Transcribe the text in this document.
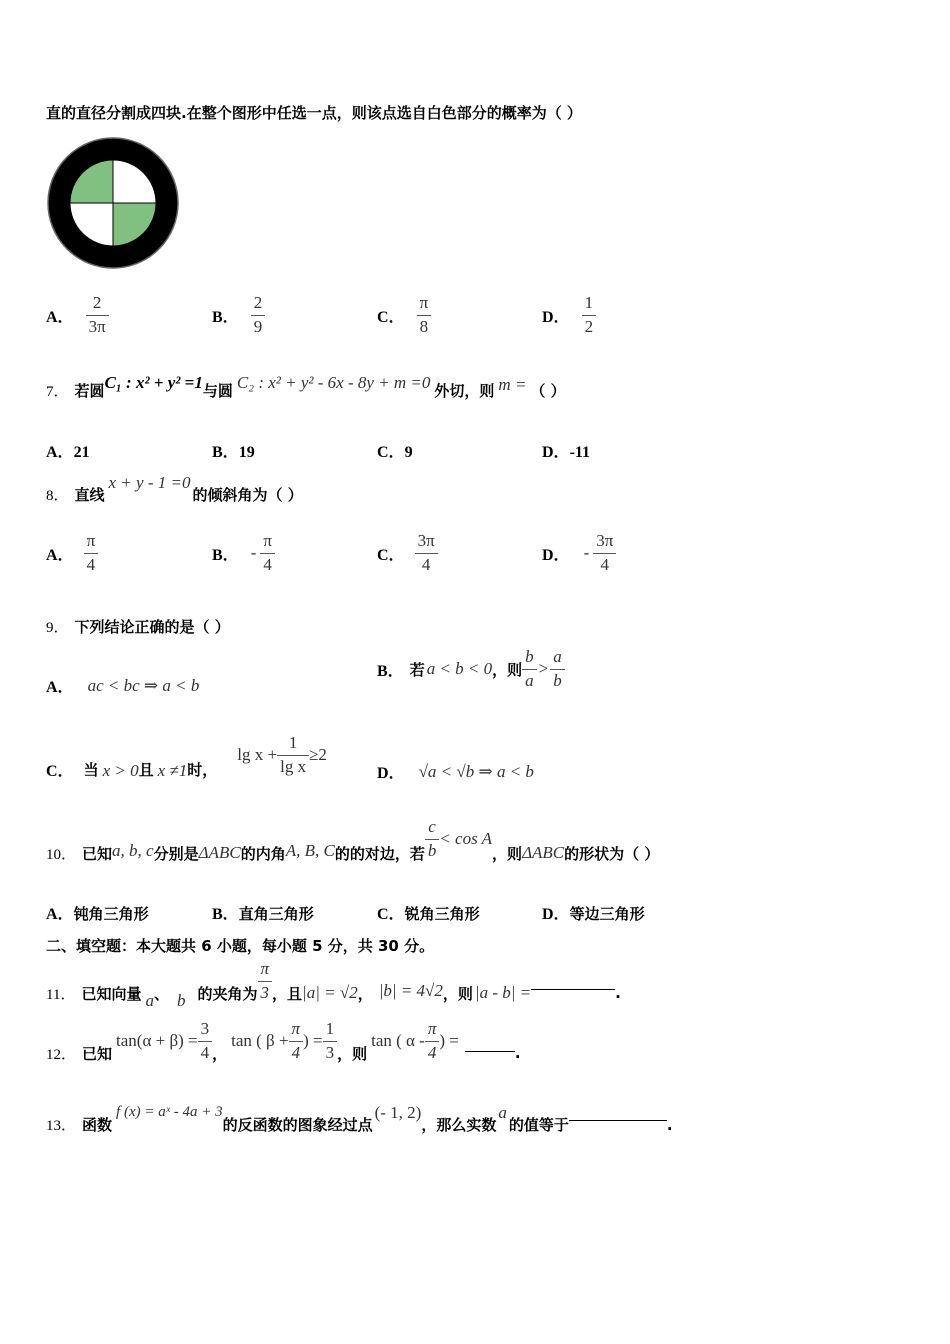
直的直径分割成四块.在整个图形中任选一点，则该点选自白色部分的概率为（ ）
A． $\frac{2}{3\pi}$	B． $\frac{2}{9}$	C． $\frac{\pi}{8}$	D． $\frac{1}{2}$
7． 若圆 C₁ : x² + y² =1 与圆 C₂ : x² + y² - 6x - 8y + m =0 外切，则 m = （ ）
A．21	B．19	C．9	D．-11
8． 直线
x + y - 1 =0
的倾斜角为（ ）
A． $\frac{\pi}{4}$	B． - $\frac{\pi}{4}$	C． $\frac{3\pi}{4}$	D． - $\frac{3\pi}{4}$
9． 下列结论正确的是（ ）
A． ac < bc ⇒ a < b
B． 若 a < b < 0 ，则 $\frac{b}{a} > \frac{a}{b}$
C． 当 x > 0 且 x ≠1 时，
$\lg x + \frac{1}{\text{lg x}} \ge 2$
D． √a < √b ⇒ a < b
10． 已知 a, b, c 分别是 ΔABC 的内角 A, B, C 的的对边，若 $\frac{c}{b} < \cos A$
，则 ΔABC 的形状为（ ）
A．钝角三角形	B．直角三角形	C．锐角三角形	D．等边三角形
二、填空题：本大题共 6 小题，每小题 5 分，共 30 分。
11． 已知向量 a 、 b 的夹角为 $\frac{\pi}{3}$ ，且 |a| = √2 ， |b| = 4√2 ，则 |a - b| =	.
12． 已知
$\tan(\alpha + \beta) = \frac{3}{4}$ ，
tan ( $\beta + \frac{\pi}{4}$ ) = $\frac{1}{3}$ ，则
tan ( α - $\frac{\pi}{4}$ ) =
.
13． 函数
f (x) = aˣ - 4a + 3
的反函数的图象经过点
(- 1, 2)
，那么实数
a
的值等于	.
